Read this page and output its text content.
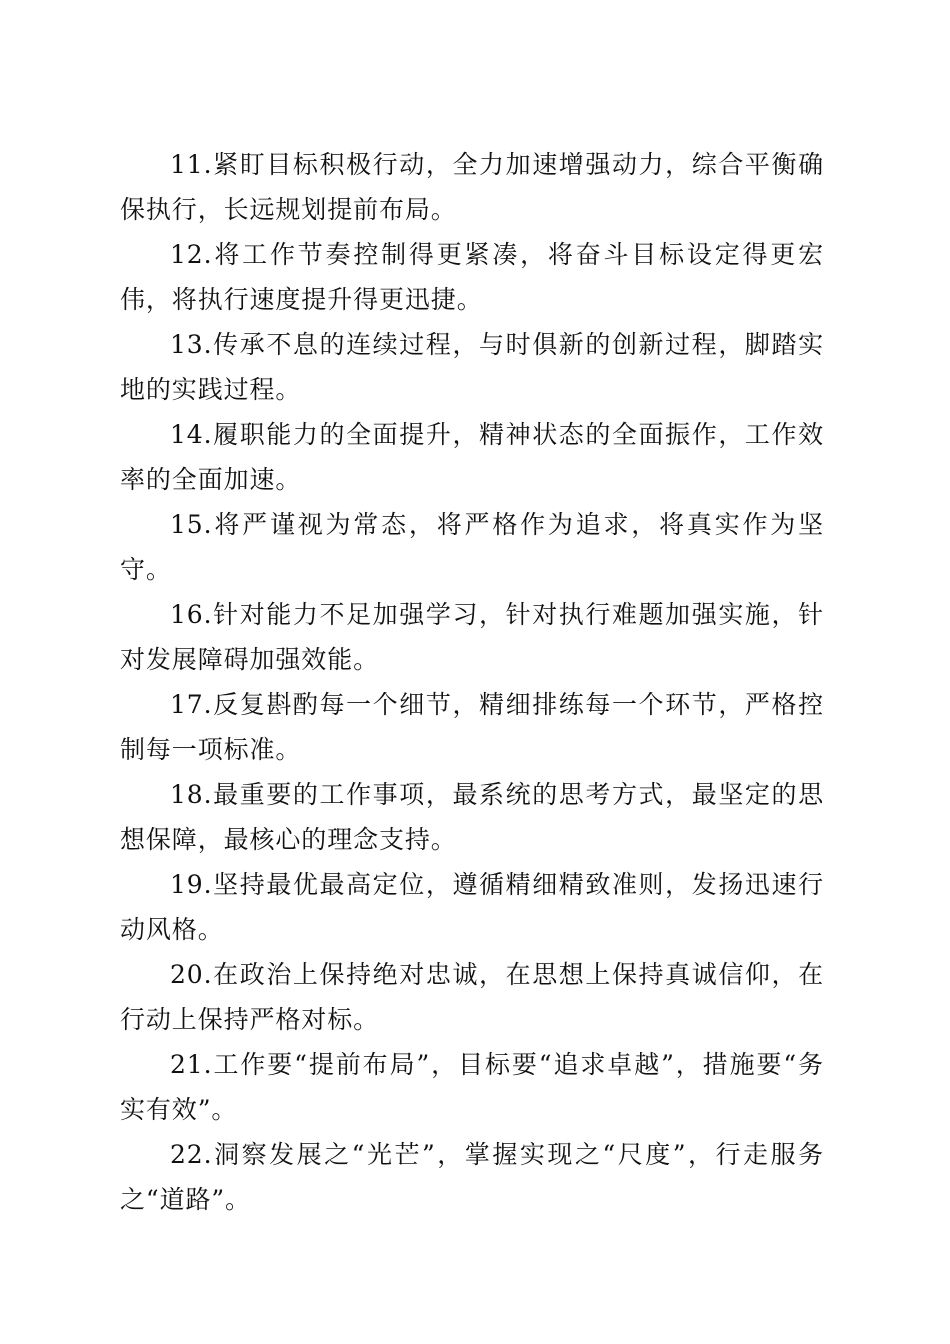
11.紧盯目标积极行动，全力加速增强动力，综合平衡确保执行，长远规划提前布局。

12.将工作节奏控制得更紧凑，将奋斗目标设定得更宏伟，将执行速度提升得更迅捷。

13.传承不息的连续过程，与时俱新的创新过程，脚踏实地的实践过程。

14.履职能力的全面提升，精神状态的全面振作，工作效率的全面加速。

15.将严谨视为常态，将严格作为追求，将真实作为坚守。

16.针对能力不足加强学习，针对执行难题加强实施，针对发展障碍加强效能。

17.反复斟酌每一个细节，精细排练每一个环节，严格控制每一项标准。

18.最重要的工作事项，最系统的思考方式，最坚定的思想保障，最核心的理念支持。

19.坚持最优最高定位，遵循精细精致准则，发扬迅速行动风格。

20.在政治上保持绝对忠诚，在思想上保持真诚信仰，在行动上保持严格对标。

21.工作要“提前布局”，目标要“追求卓越”，措施要“务实有效”。

22.洞察发展之“光芒”，掌握实现之“尺度”，行走服务之“道路”。
